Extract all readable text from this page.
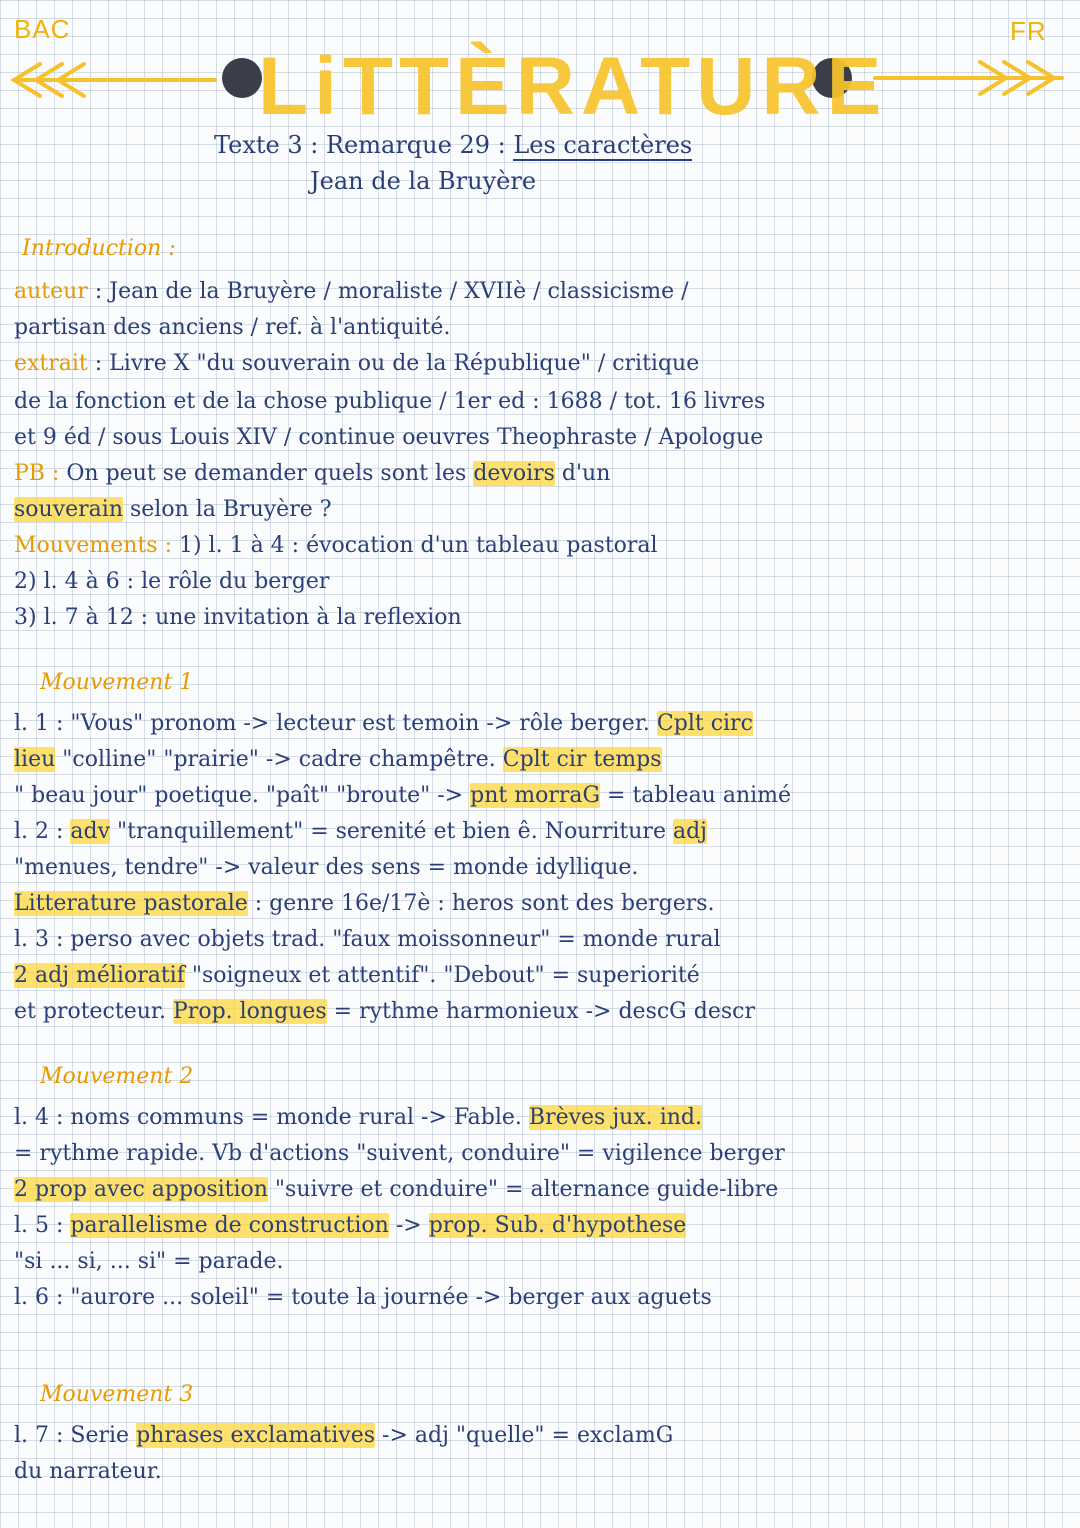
BAC	FR
LiTTÈRATURE
Texte 3 : Remarque 29 : Les caractères
Jean de la Bruyère
Introduction :
auteur : Jean de la Bruyère / moraliste / XVIIè / classicisme /
partisan des anciens / ref. à l'antiquité.
extrait : Livre X "du souverain ou de la République" / critique
de la fonction et de la chose publique / 1er ed : 1688 / tot. 16 livres
et 9 éd / sous Louis XIV / continue oeuvres Theophraste / Apologue
PB : On peut se demander quels sont les devoirs d'un
souverain selon la Bruyère ?
Mouvements : 1) l. 1 à 4 : évocation d'un tableau pastoral
2) l. 4 à 6 : le rôle du berger
3) l. 7 à 12 : une invitation à la reflexion
Mouvement 1
l. 1 : "Vous" pronom -> lecteur est temoin -> rôle berger. Cplt circ
lieu "colline" "prairie" -> cadre champêtre. Cplt cir temps
" beau jour" poetique. "paît" "broute" -> pnt morraG = tableau animé
l. 2 : adv "tranquillement" = serenité et bien ê. Nourriture adj
"menues, tendre" -> valeur des sens = monde idyllique.
Litterature pastorale : genre 16e/17è : heros sont des bergers.
l. 3 : perso avec objets trad. "faux moissonneur" = monde rural
2 adj mélioratif "soigneux et attentif". "Debout" = superiorité
et protecteur. Prop. longues = rythme harmonieux -> descG descr
Mouvement 2
l. 4 : noms communs = monde rural -> Fable. Brèves jux. ind.
= rythme rapide. Vb d'actions "suivent, conduire" = vigilence berger
2 prop avec apposition "suivre et conduire" = alternance guide-libre
l. 5 : parallelisme de construction -> prop. Sub. d'hypothese
"si ... si, ... si" = parade.
l. 6 : "aurore ... soleil" = toute la journée -> berger aux aguets
Mouvement 3
l. 7 : Serie phrases exclamatives -> adj "quelle" = exclamG
du narrateur.
